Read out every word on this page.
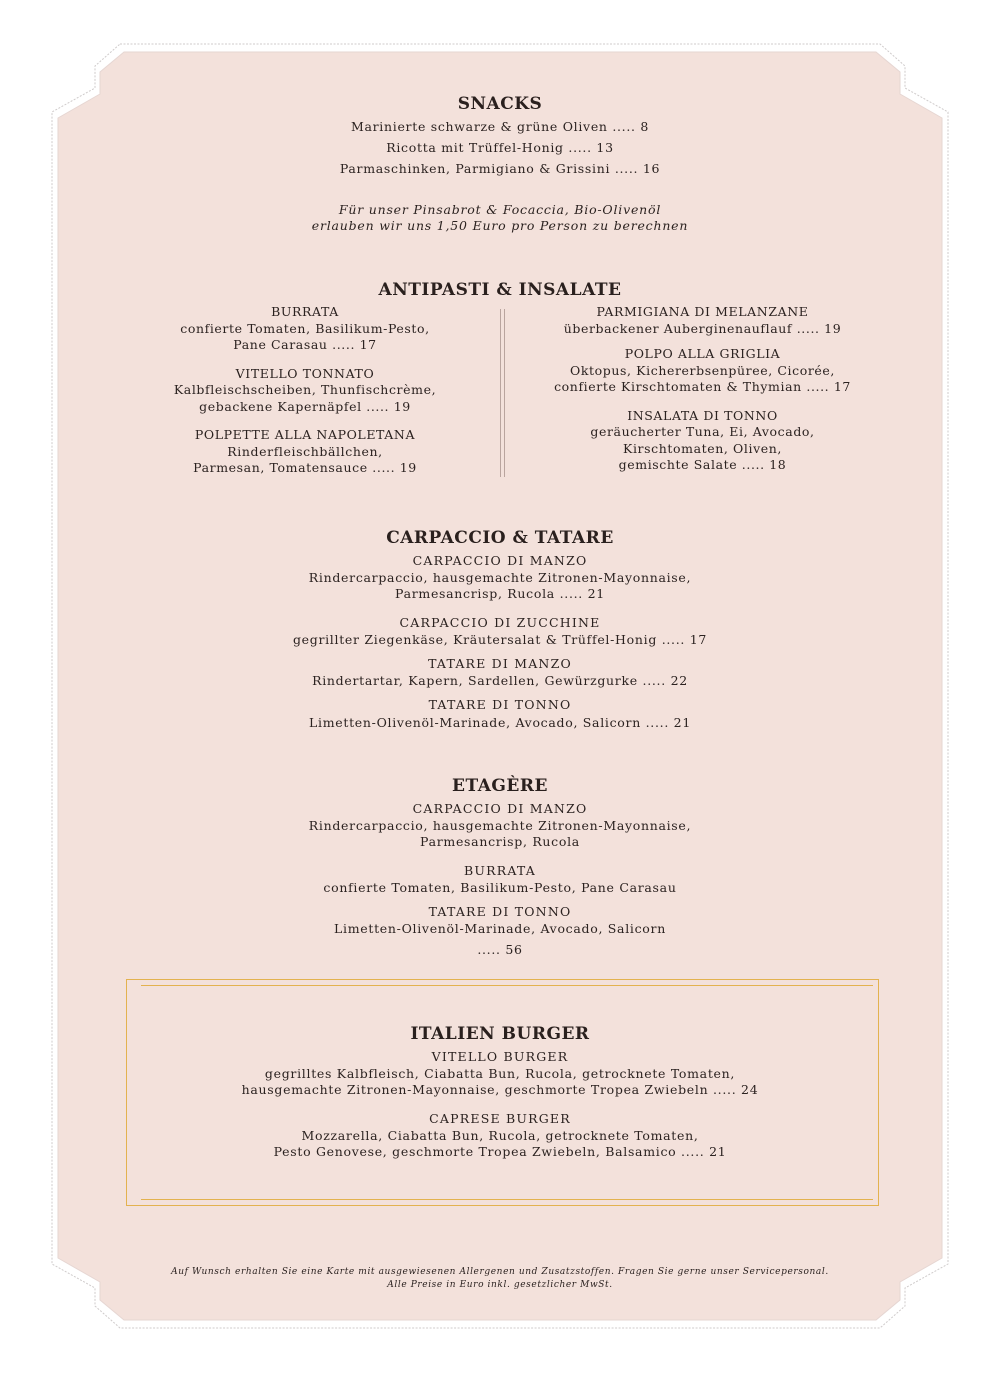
SNACKS
Marinierte schwarze & grüne Oliven ..... 8
Ricotta mit Trüffel-Honig ..... 13
Parmaschinken, Parmigiano & Grissini ..... 16
Für unser Pinsabrot & Focaccia, Bio-Olivenöl
erlauben wir uns 1,50 Euro pro Person zu berechnen
ANTIPASTI & INSALATE
BURRATA
confierte Tomaten, Basilikum-Pesto,
Pane Carasau ..... 17
VITELLO TONNATO
Kalbfleischscheiben, Thunfischcrème,
gebackene Kapernäpfel ..... 19
POLPETTE ALLA NAPOLETANA
Rinderfleischbällchen,
Parmesan, Tomatensauce ..... 19
PARMIGIANA DI MELANZANE
überbackener Auberginenauflauf ..... 19
POLPO ALLA GRIGLIA
Oktopus, Kichererbsenpüree, Cicorée,
confierte Kirschtomaten & Thymian ..... 17
INSALATA DI TONNO
geräucherter Tuna, Ei, Avocado,
Kirschtomaten, Oliven,
gemischte Salate ..... 18
CARPACCIO & TATARE
CARPACCIO DI MANZO
Rindercarpaccio, hausgemachte Zitronen-Mayonnaise,
Parmesancrisp, Rucola ..... 21
CARPACCIO DI ZUCCHINE
gegrillter Ziegenkäse, Kräutersalat & Trüffel-Honig ..... 17
TATARE DI MANZO
Rindertartar, Kapern, Sardellen, Gewürzgurke ..... 22
TATARE DI TONNO
Limetten-Olivenöl-Marinade, Avocado, Salicorn ..... 21
ETAGÈRE
CARPACCIO DI MANZO
Rindercarpaccio, hausgemachte Zitronen-Mayonnaise,
Parmesancrisp, Rucola
BURRATA
confierte Tomaten, Basilikum-Pesto, Pane Carasau
TATARE DI TONNO
Limetten-Olivenöl-Marinade, Avocado, Salicorn
..... 56
ITALIEN BURGER
VITELLO BURGER
gegrilltes Kalbfleisch, Ciabatta Bun, Rucola, getrocknete Tomaten,
hausgemachte Zitronen-Mayonnaise, geschmorte Tropea Zwiebeln ..... 24
CAPRESE BURGER
Mozzarella, Ciabatta Bun, Rucola, getrocknete Tomaten,
Pesto Genovese, geschmorte Tropea Zwiebeln, Balsamico ..... 21
Auf Wunsch erhalten Sie eine Karte mit ausgewiesenen Allergenen und Zusatzstoffen. Fragen Sie gerne unser Servicepersonal.
Alle Preise in Euro inkl. gesetzlicher MwSt.
